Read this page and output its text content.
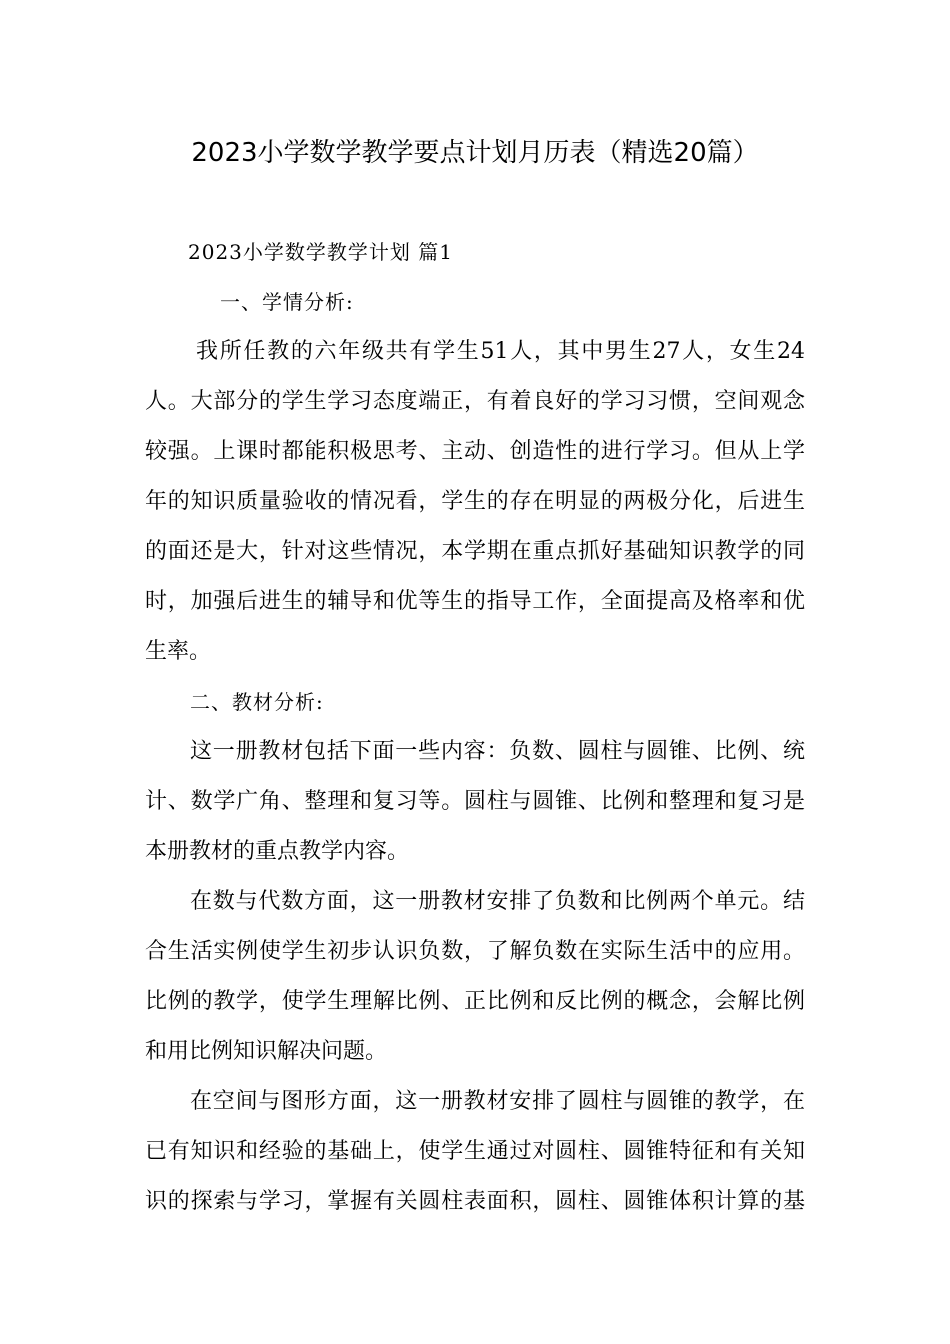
2023小学数学教学要点计划月历表（精选20篇）
2023小学数学教学计划 篇1
一、学情分析:
我所任教的六年级共有学生51人，其中男生27人，女生24
人。大部分的学生学习态度端正，有着良好的学习习惯，空间观念
较强。上课时都能积极思考、主动、创造性的进行学习。但从上学
年的知识质量验收的情况看，学生的存在明显的两极分化，后进生
的面还是大，针对这些情况，本学期在重点抓好基础知识教学的同
时，加强后进生的辅导和优等生的指导工作，全面提高及格率和优
生率。
二、教材分析:
这一册教材包括下面一些内容：负数、圆柱与圆锥、比例、统
计、数学广角、整理和复习等。圆柱与圆锥、比例和整理和复习是
本册教材的重点教学内容。
在数与代数方面，这一册教材安排了负数和比例两个单元。结
合生活实例使学生初步认识负数，了解负数在实际生活中的应用。
比例的教学，使学生理解比例、正比例和反比例的概念，会解比例
和用比例知识解决问题。
在空间与图形方面，这一册教材安排了圆柱与圆锥的教学，在
已有知识和经验的基础上，使学生通过对圆柱、圆锥特征和有关知
识的探索与学习，掌握有关圆柱表面积，圆柱、圆锥体积计算的基
